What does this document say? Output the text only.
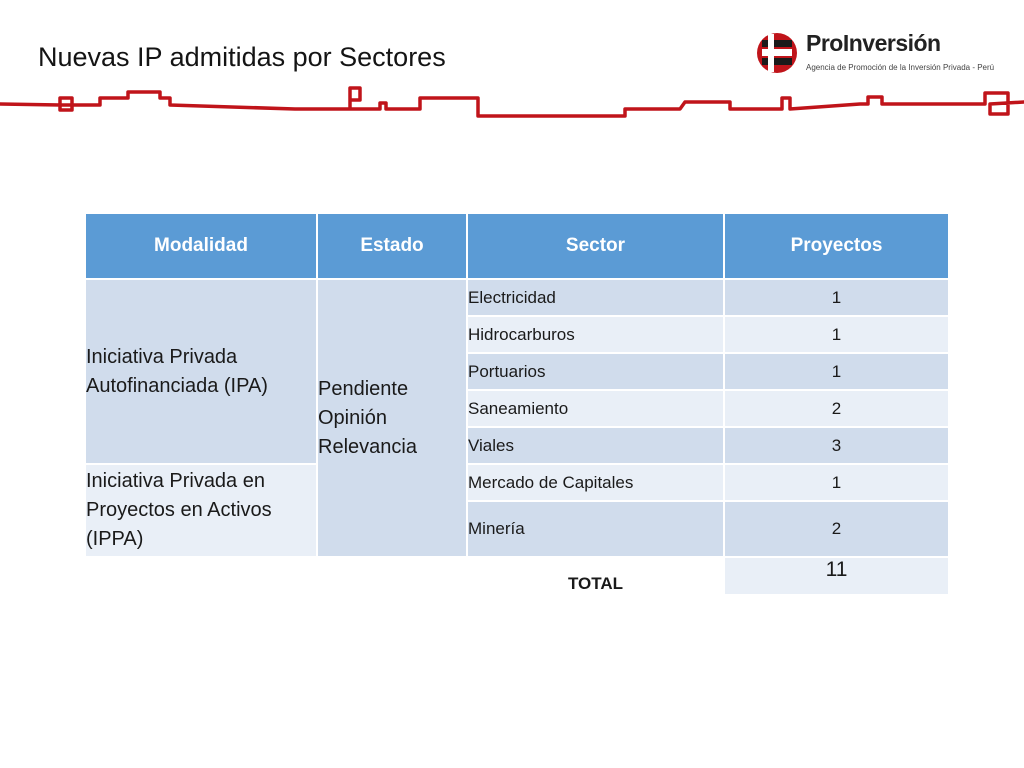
Nuevas IP admitidas por Sectores	ProInversión
Agencia de Promoción de la Inversión Privada - Perú
Modalidad	Estado	Sector	Proyectos
Iniciativa Privada Autofinanciada (IPA)	Pendiente Opinión Relevancia	Electricidad	1
		Hidrocarburos	1
		Portuarios	1
		Saneamiento	2
		Viales	3
Iniciativa Privada en Proyectos en Activos (IPPA)		Mercado de Capitales	1
		Minería	2
		TOTAL	11
